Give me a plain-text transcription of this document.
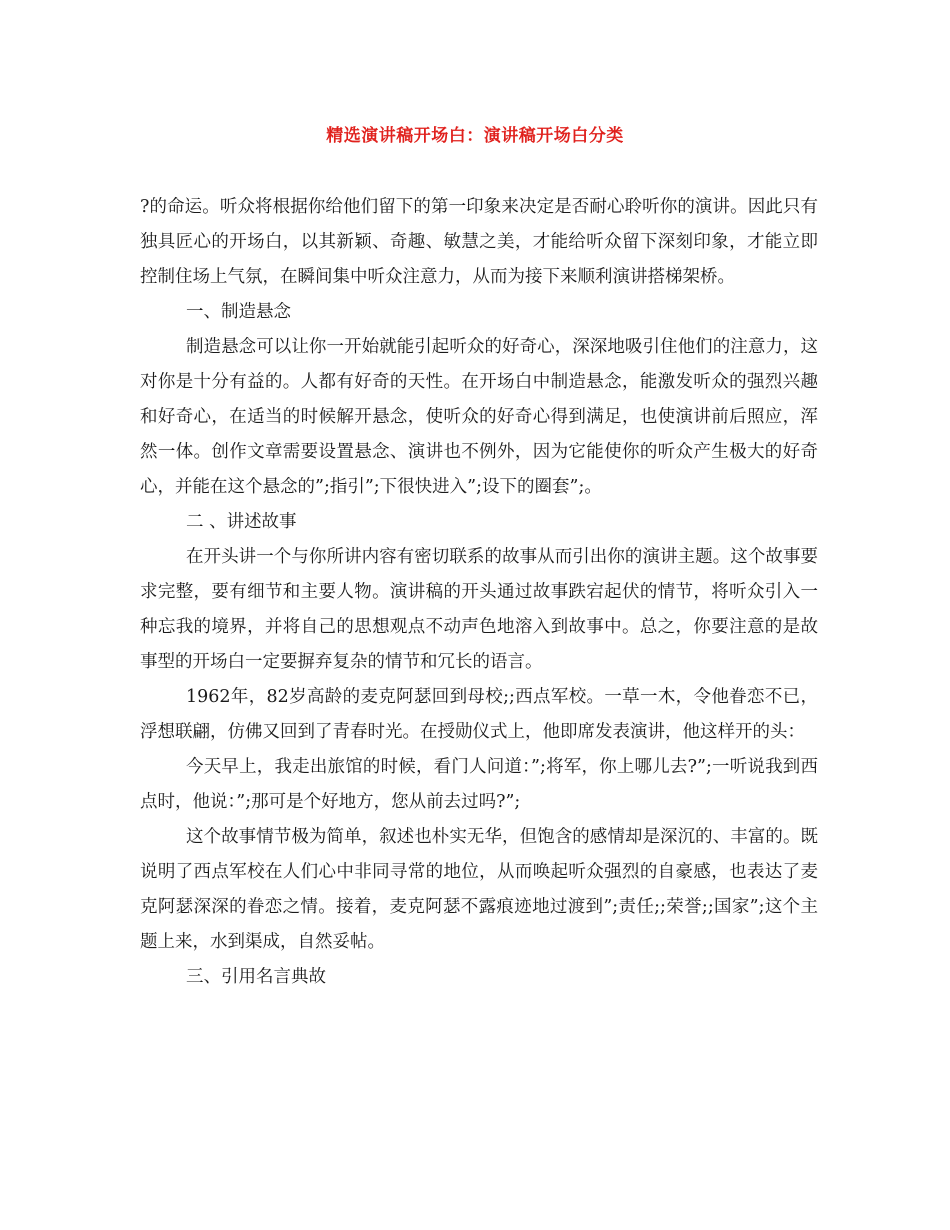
精选演讲稿开场白：演讲稿开场白分类

?的命运。听众将根据你给他们留下的第一印象来决定是否耐心聆听你的演讲。因此只有独具匠心的开场白，以其新颖、奇趣、敏慧之美，才能给听众留下深刻印象，才能立即控制住场上气氛，在瞬间集中听众注意力，从而为接下来顺利演讲搭梯架桥。

一、制造悬念

制造悬念可以让你一开始就能引起听众的好奇心，深深地吸引住他们的注意力，这对你是十分有益的。人都有好奇的天性。在开场白中制造悬念，能激发听众的强烈兴趣和好奇心，在适当的时候解开悬念，使听众的好奇心得到满足，也使演讲前后照应，浑然一体。创作文章需要设置悬念、演讲也不例外，因为它能使你的听众产生极大的好奇心，并能在这个悬念的”;指引”;下很快进入”;设下的圈套”;。

二 、讲述故事

在开头讲一个与你所讲内容有密切联系的故事从而引出你的演讲主题。这个故事要求完整，要有细节和主要人物。演讲稿的开头通过故事跌宕起伏的情节，将听众引入一种忘我的境界，并将自己的思想观点不动声色地溶入到故事中。总之，你要注意的是故事型的开场白一定要摒弃复杂的情节和冗长的语言。

1962年，82岁高龄的麦克阿瑟回到母校;;西点军校。一草一木，令他眷恋不已，浮想联翩，仿佛又回到了青春时光。在授勋仪式上，他即席发表演讲，他这样开的头：

今天早上，我走出旅馆的时候，看门人问道：”;将军，你上哪儿去?”;一听说我到西点时，他说：”;那可是个好地方，您从前去过吗?”;

这个故事情节极为简单，叙述也朴实无华，但饱含的感情却是深沉的、丰富的。既说明了西点军校在人们心中非同寻常的地位，从而唤起听众强烈的自豪感，也表达了麦克阿瑟深深的眷恋之情。接着，麦克阿瑟不露痕迹地过渡到”;责任;;荣誉;;国家”;这个主题上来，水到渠成，自然妥帖。

三、引用名言典故
